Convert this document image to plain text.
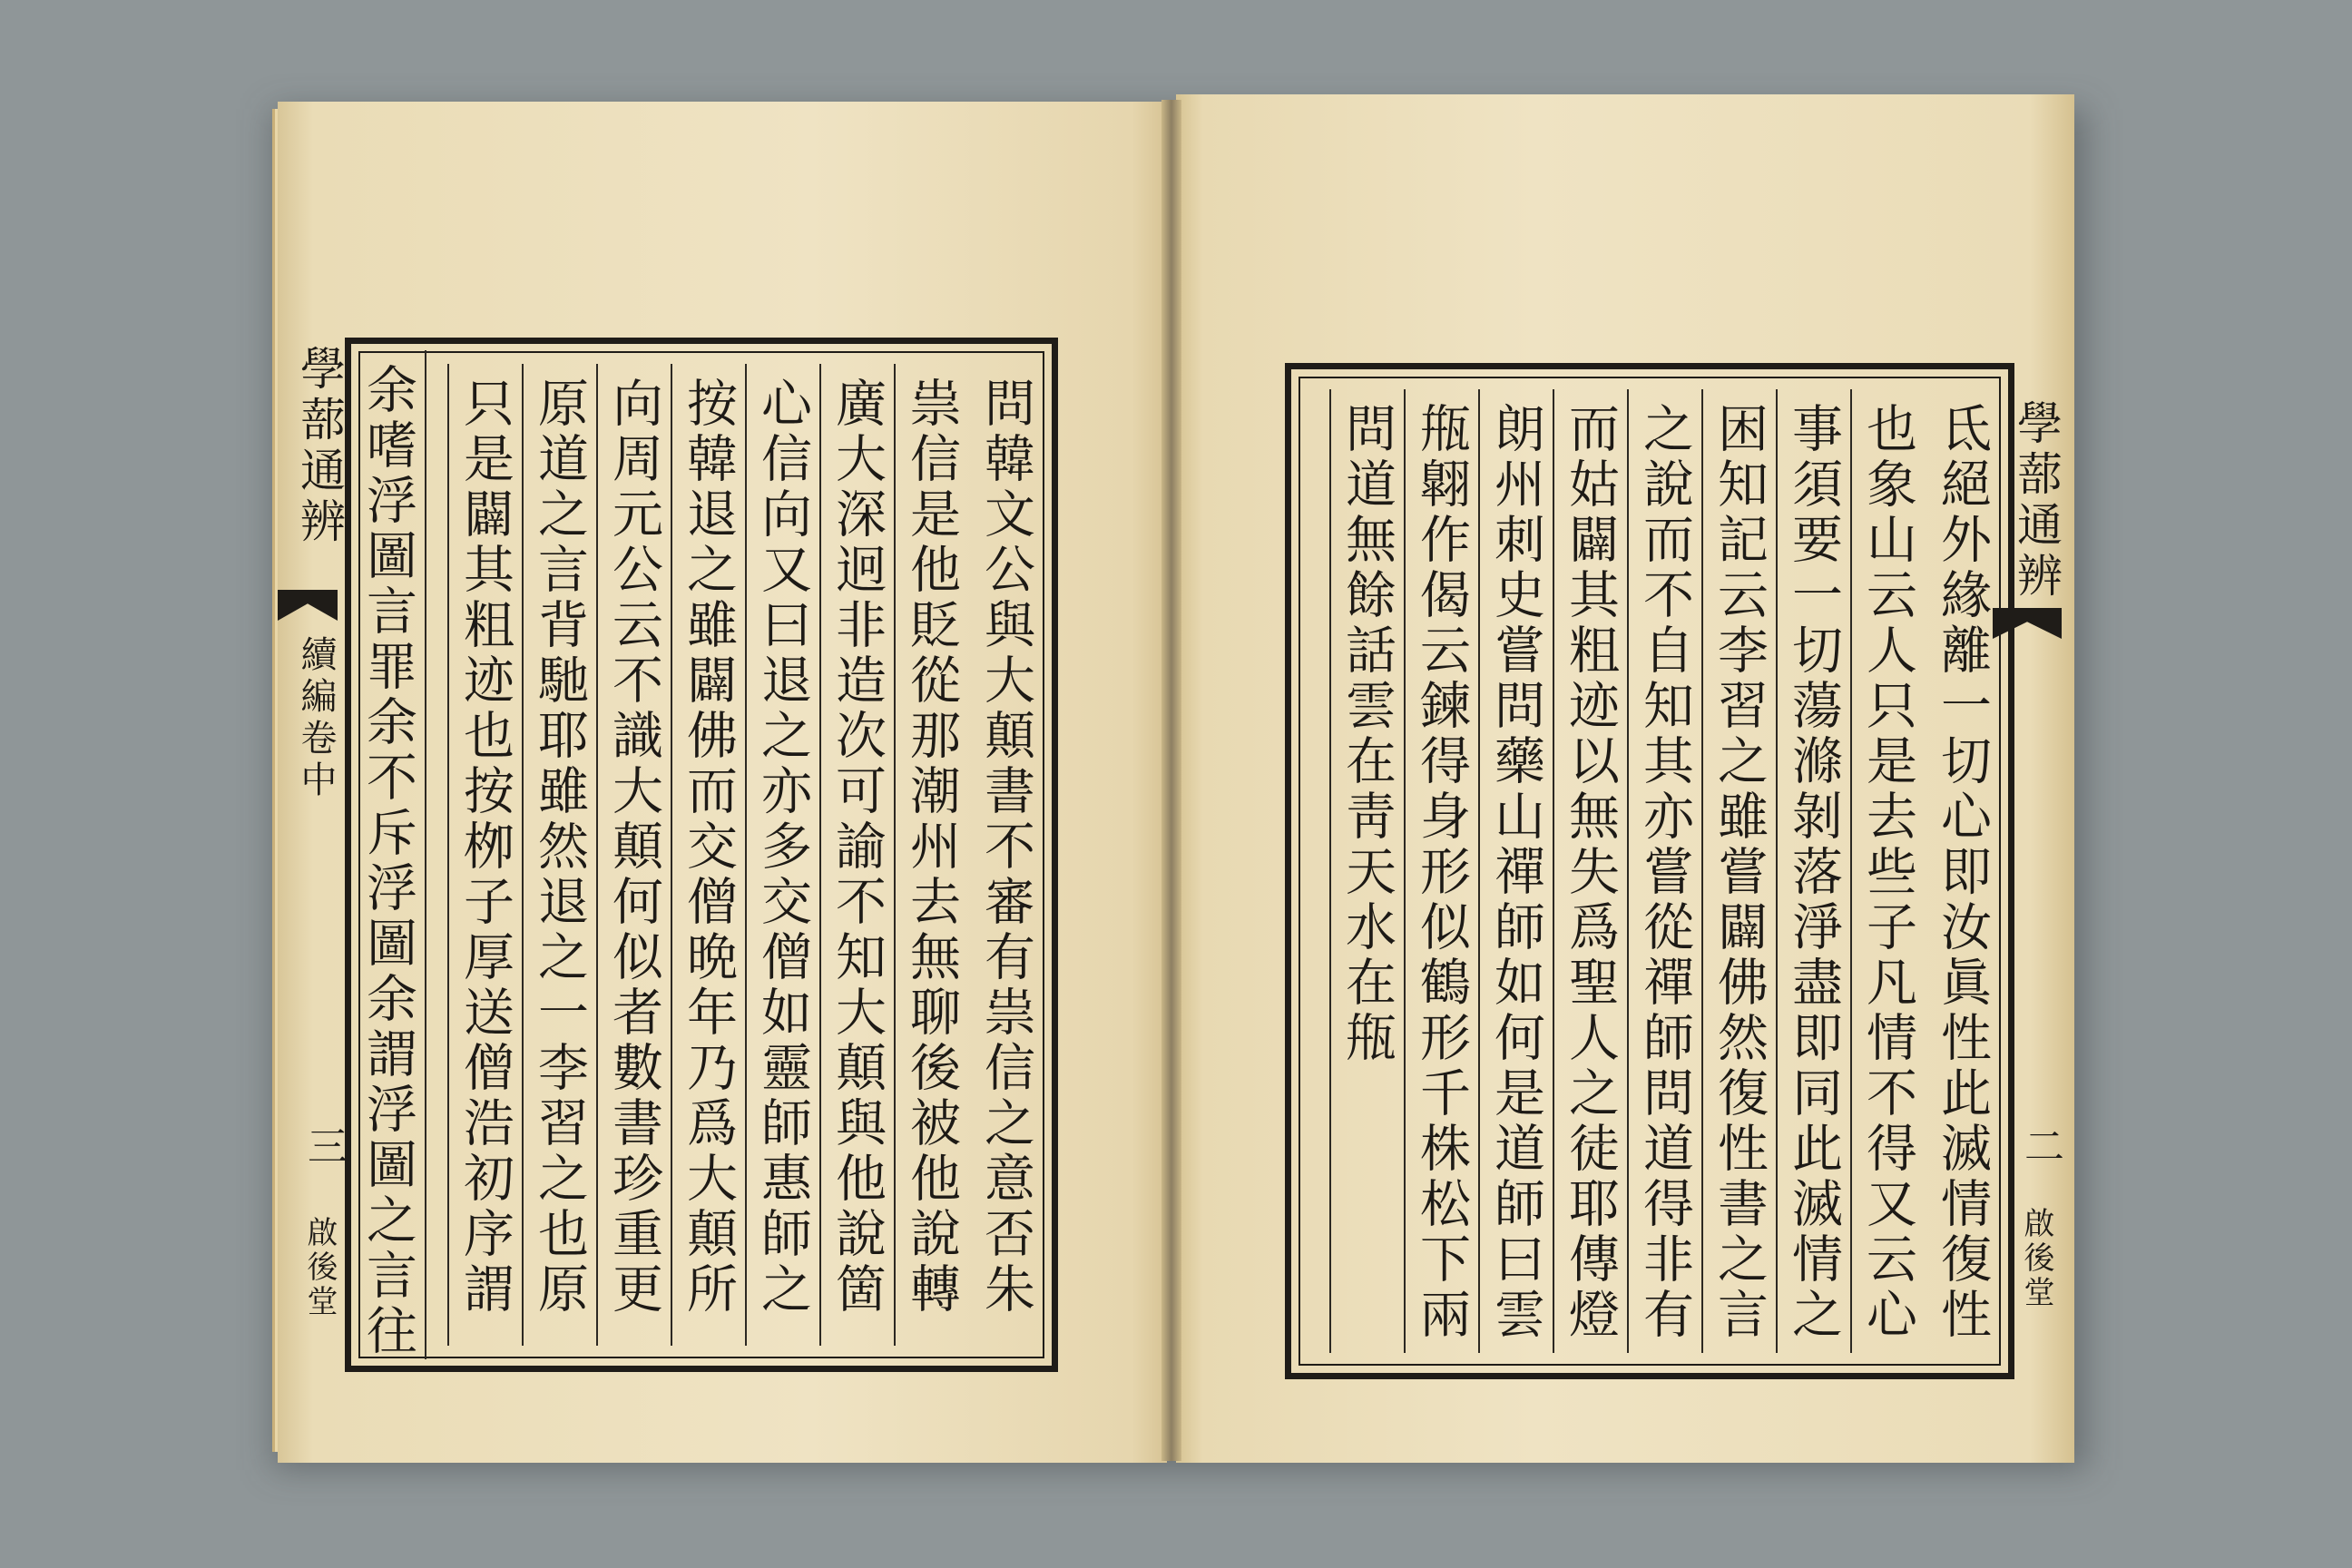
問韓文公與大顛書不審有祟信之意否朱
祟信是他貶從那潮州去無聊後被他說轉
廣大深迥非造次可諭不知大顛與他說箇
心信向又曰退之亦多交僧如靈師惠師之
按韓退之雖闢佛而交僧晩年乃爲大顛所
向周元公云不識大顛何似者數書珍重更
原道之言背馳耶雖然退之一李習之也原
只是闢其粗迹也按栁子厚送僧浩初序謂
余嗜浮圖言罪余不斥浮圖余謂浮圖之言往
學蔀通辨
續編卷中
三
啟後堂
氐絕外緣離一切心即汝眞性此滅情復性
也象山云人只是去些子凡情不得又云心
事須要一切蕩滌剝落淨盡即同此滅情之
困知記云李習之雖嘗闢佛然復性書之言
之說而不自知其亦嘗從禪師問道得非有
而姑闢其粗迹以無失爲聖人之徒耶傳燈
朗州刺史嘗問藥山禪師如何是道師曰雲
甁翺作偈云鍊得身形似鶴形千株松下兩
問道無餘話雲在靑天水在甁	學蔀通辨
二
啟後堂
